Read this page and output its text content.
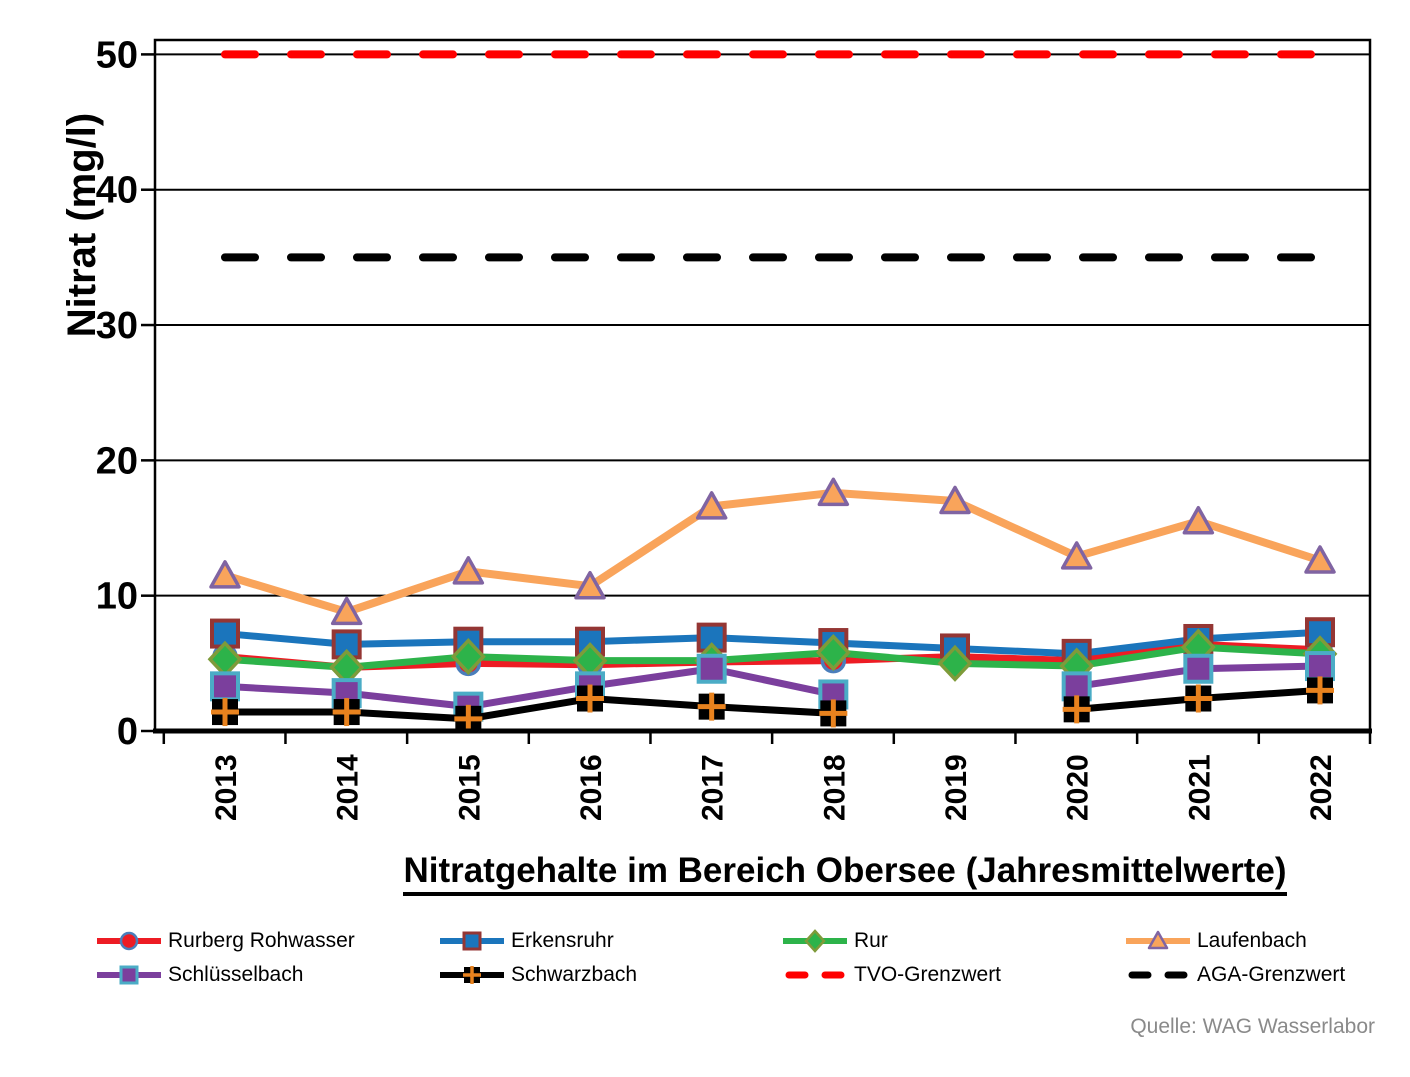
0
10
20
30
40
50
2013	2014	2015	2016	2017	2018	2019	2020	2021	2022
Nitrat (mg/l)
Nitratgehalte im Bereich Obersee (Jahresmittelwerte)
Rurberg Rohwasser	Erkensruhr	Rur	Laufenbach
Schlüsselbach	Schwarzbach	TVO-Grenzwert	AGA-Grenzwert
Quelle: WAG Wasserlabor
